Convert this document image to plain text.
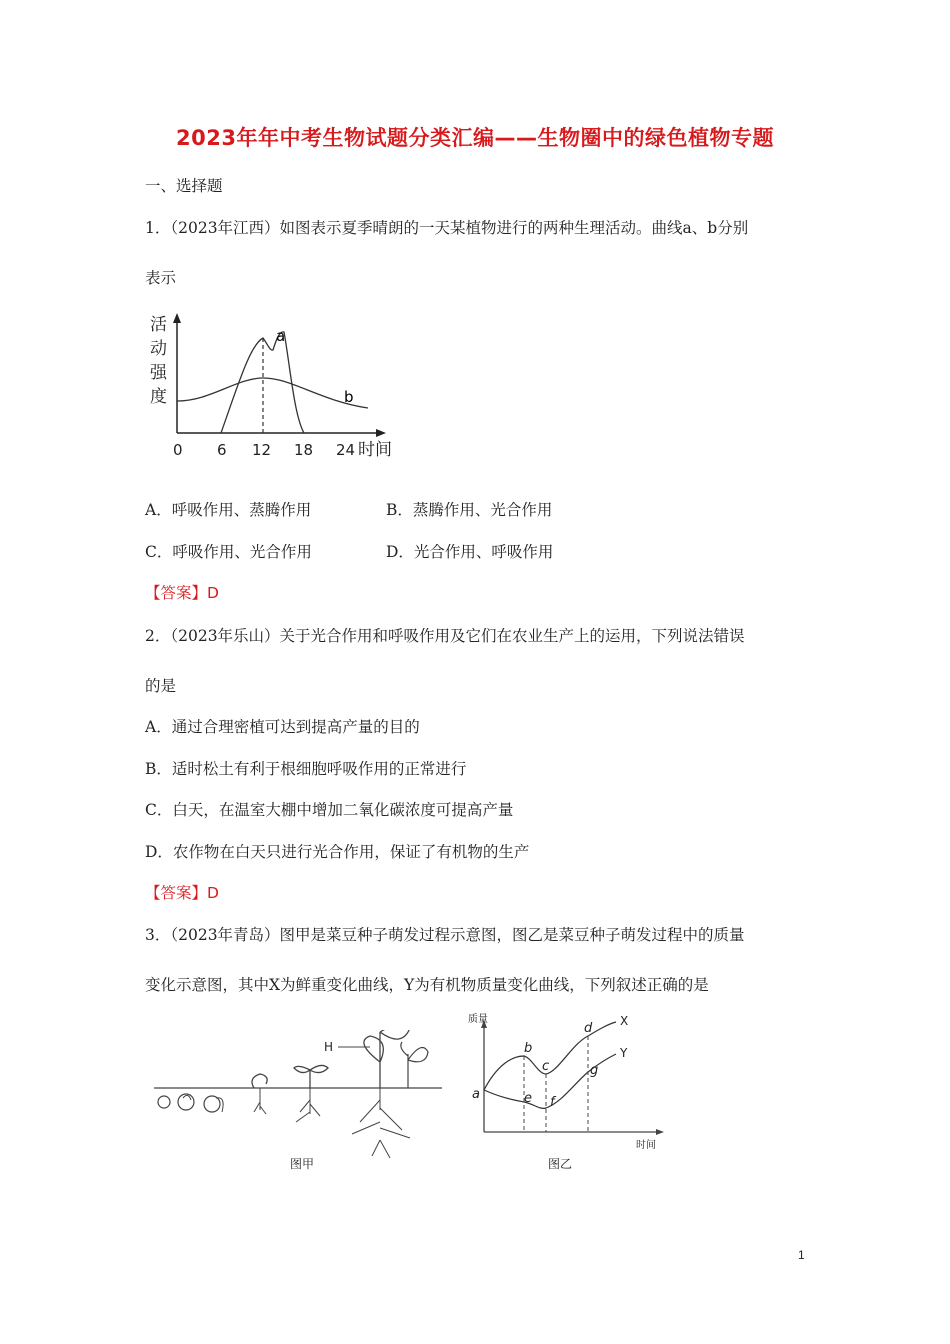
2023年年中考生物试题分类汇编——生物圈中的绿色植物专题
一、选择题
1．（2023年江西）如图表示夏季晴朗的一天某植物进行的两种生理活动。曲线a、b分别
表示
活
动
强
度
a
b
0 6 12 18 24 时间
A．呼吸作用、蒸腾作用	B．蒸腾作用、光合作用
C．呼吸作用、光合作用	D．光合作用、呼吸作用
【答案】D
2．（2023年乐山）关于光合作用和呼吸作用及它们在农业生产上的运用，下列说法错误
的是
A．通过合理密植可达到提高产量的目的
B．适时松土有利于根细胞呼吸作用的正常进行
C．白天，在温室大棚中增加二氧化碳浓度可提高产量
D．农作物在白天只进行光合作用，保证了有机物的生产
【答案】D
3．（2023年青岛）图甲是菜豆种子萌发过程示意图，图乙是菜豆种子萌发过程中的质量
变化示意图，其中X为鲜重变化曲线，Y为有机物质量变化曲线，下列叙述正确的是
H
图甲
质量
时间
a
b
c
d
e f
g
X
Y
图乙
1
